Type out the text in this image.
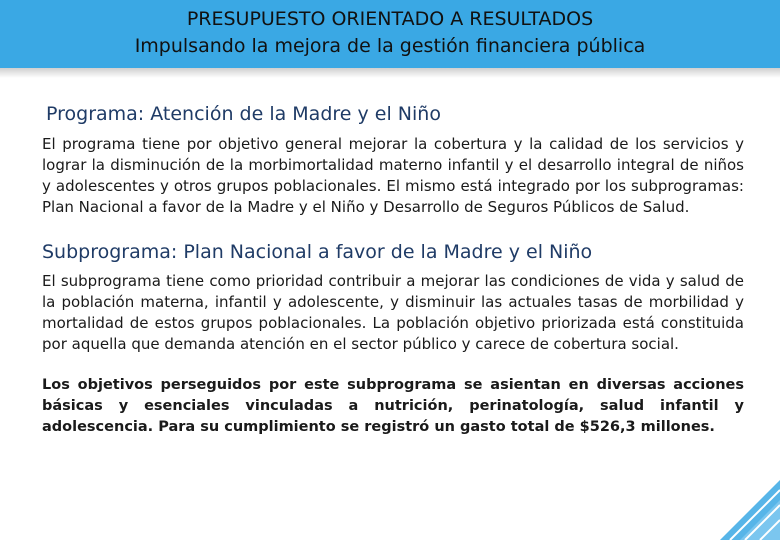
PRESUPUESTO ORIENTADO A RESULTADOS
Impulsando la mejora de la gestión financiera pública
Programa: Atención de la Madre y el Niño

El programa tiene por objetivo general mejorar la cobertura y la calidad de los servicios y lograr la disminución de la morbimortalidad materno infantil y el desarrollo integral de niños y adolescentes y otros grupos poblacionales. El mismo está integrado por los subprogramas: Plan Nacional a favor de la Madre y el Niño y Desarrollo de Seguros Públicos de Salud.

Subprograma: Plan Nacional a favor de la Madre y el Niño

El subprograma tiene como prioridad contribuir a mejorar las condiciones de vida y salud de la población materna, infantil y adolescente, y disminuir las actuales tasas de morbilidad y mortalidad de estos grupos poblacionales. La población objetivo priorizada está constituida por aquella que demanda atención en el sector público y carece de cobertura social.

Los objetivos perseguidos por este subprograma se asientan en diversas acciones básicas y esenciales vinculadas a nutrición, perinatología, salud infantil y adolescencia. Para su cumplimiento se registró un gasto total de $526,3 millones.
